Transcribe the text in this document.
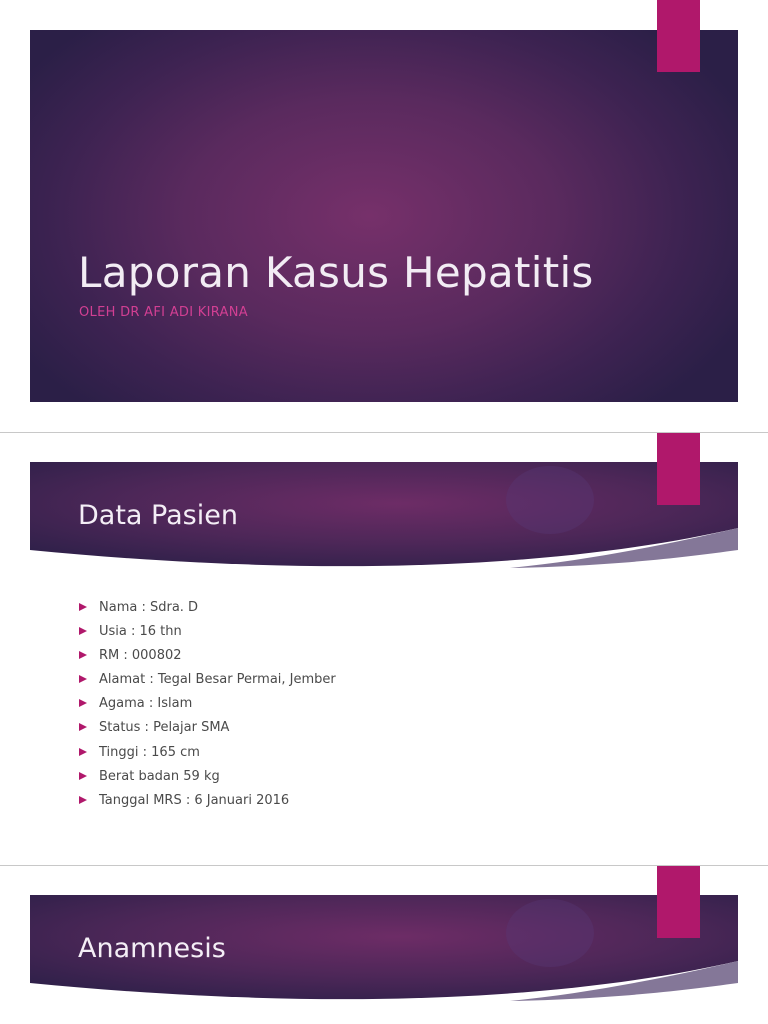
Laporan Kasus Hepatitis
OLEH DR AFI ADI KIRANA
Data Pasien
Nama : Sdra. D
Usia : 16 thn
RM : 000802
Alamat : Tegal Besar Permai, Jember
Agama : Islam
Status : Pelajar SMA
Tinggi : 165 cm
Berat badan 59 kg
Tanggal MRS : 6 Januari 2016
Anamnesis
